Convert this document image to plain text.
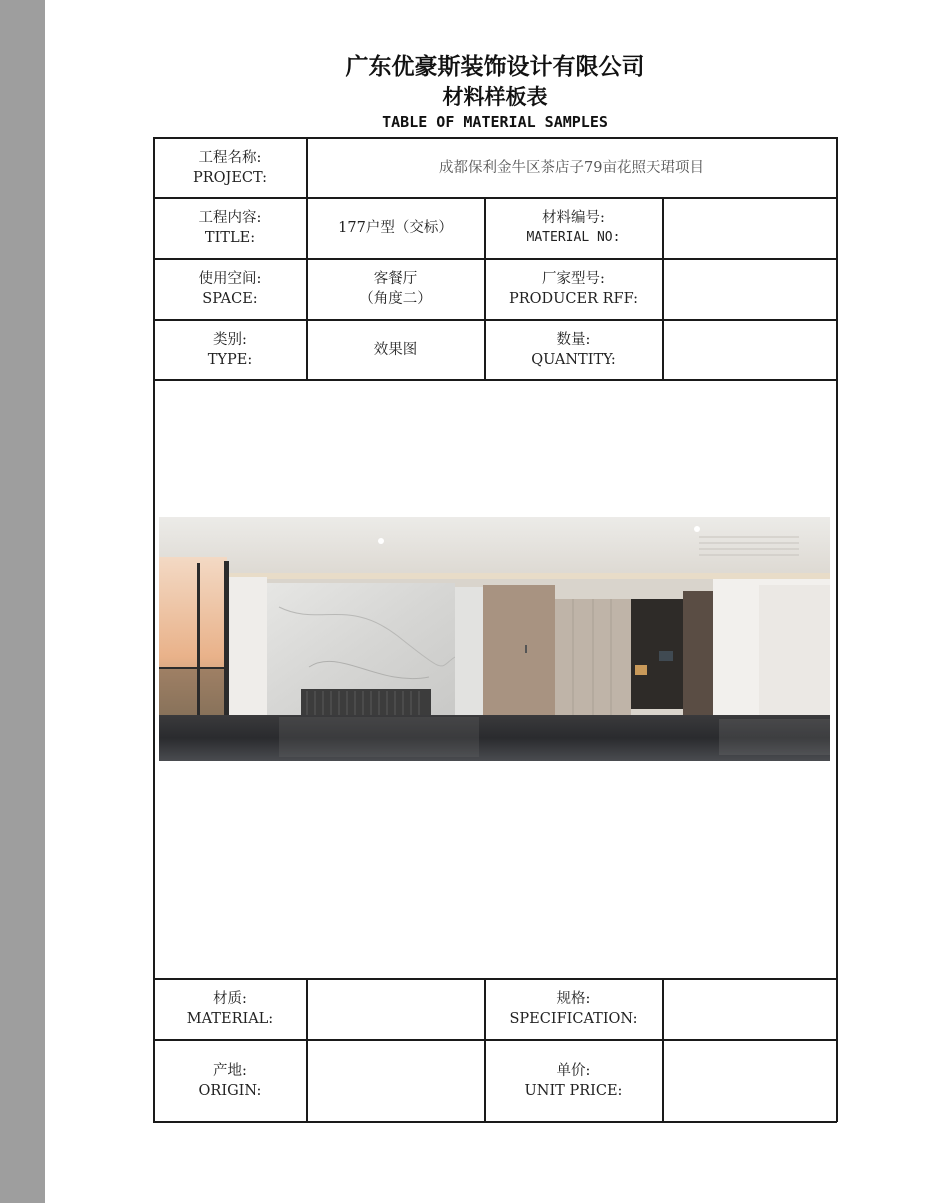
广东优豪斯装饰设计有限公司
材料样板表
TABLE OF MATERIAL SAMPLES
工程名称:
PROJECT:
成都保利金牛区茶店子79亩花照天珺项目
工程内容:
TITLE:
177户型（交标）
材料编号:
MATERIAL NO:
使用空间:
SPACE:
客餐厅
（角度二）
厂家型号:
PRODUCER RFF:
类别:
TYPE:
效果图
数量:
QUANTITY:
材质:
MATERIAL:
规格:
SPECIFICATION:
产地:
ORIGIN:
单价:
UNIT PRICE:
